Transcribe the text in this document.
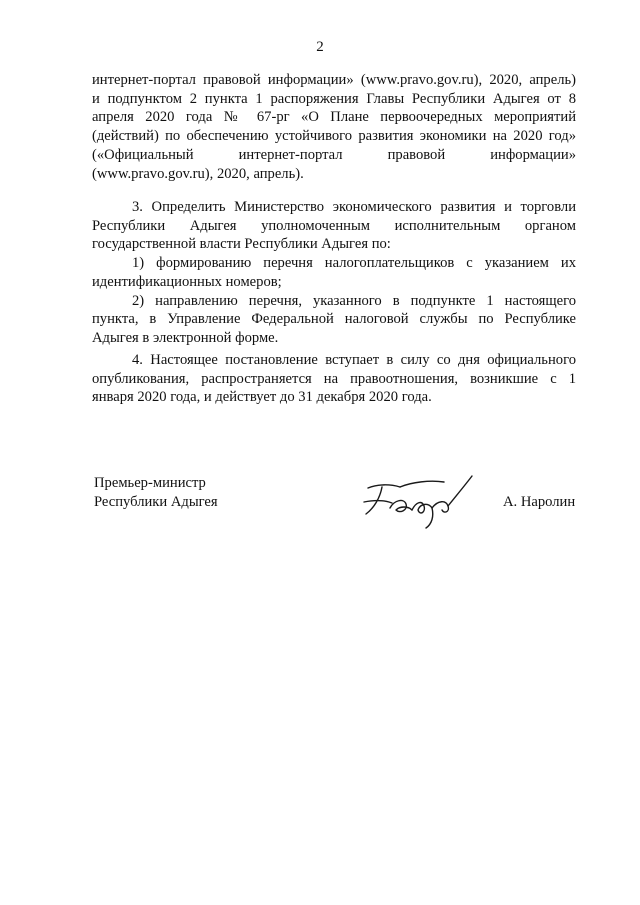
2
интернет-портал правовой информации» (www.pravo.gov.ru), 2020, апрель)
и подпунктом 2 пункта 1 распоряжения Главы Республики Адыгея от 8
апреля 2020 года № 67-рг «О Плане первоочередных мероприятий
(действий) по обеспечению устойчивого развития экономики на 2020 год»
(«Официальный интернет-портал правовой информации»
(www.pravo.gov.ru), 2020, апрель).
3. Определить Министерство экономического развития и торговли
Республики Адыгея уполномоченным исполнительным органом
государственной власти Республики Адыгея по:
1) формированию перечня налогоплательщиков с указанием их
идентификационных номеров;
2) направлению перечня, указанного в подпункте 1 настоящего
пункта, в Управление Федеральной налоговой службы по Республике
Адыгея в электронной форме.
4. Настоящее постановление вступает в силу со дня официального
опубликования, распространяется на правоотношения, возникшие с 1
января 2020 года, и действует до 31 декабря 2020 года.
Премьер-министр
Республики Адыгея	А. Наролин
